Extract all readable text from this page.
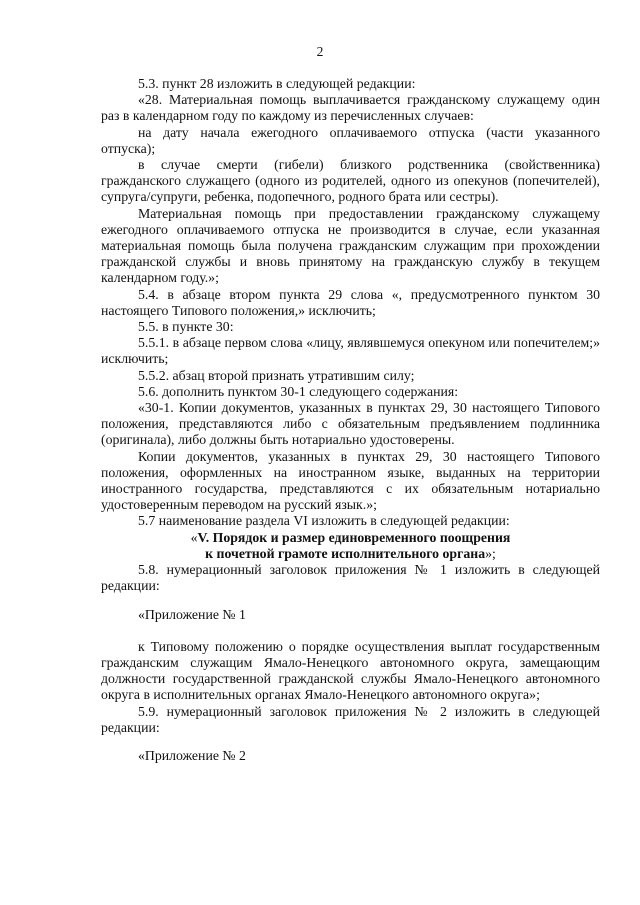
2

5.3. пункт 28 изложить в следующей редакции:

«28. Материальная помощь выплачивается гражданскому служащему один раз в календарном году по каждому из перечисленных случаев:

на дату начала ежегодного оплачиваемого отпуска (части указанного отпуска);

в случае смерти (гибели) близкого родственника (свойственника) гражданского служащего (одного из родителей, одного из опекунов (попечителей), супруга/супруги, ребенка, подопечного, родного брата или сестры).

Материальная помощь при предоставлении гражданскому служащему ежегодного оплачиваемого отпуска не производится в случае, если указанная материальная помощь была получена гражданским служащим при прохождении гражданской службы и вновь принятому на гражданскую службу в текущем календарном году.»;

5.4. в абзаце втором пункта 29 слова «, предусмотренного пунктом 30 настоящего Типового положения,» исключить;

5.5. в пункте 30:

5.5.1. в абзаце первом слова «лицу, являвшемуся опекуном или попечителем;» исключить;

5.5.2. абзац второй признать утратившим силу;

5.6. дополнить пунктом 30-1 следующего содержания:

«30-1. Копии документов, указанных в пунктах 29, 30 настоящего Типового положения, представляются либо с обязательным предъявлением подлинника (оригинала), либо должны быть нотариально удостоверены.

Копии документов, указанных в пунктах 29, 30 настоящего Типового положения, оформленных на иностранном языке, выданных на территории иностранного государства, представляются с их обязательным нотариально удостоверенным переводом на русский язык.»;

5.7 наименование раздела VI изложить в следующей редакции:

«V. Порядок и размер единовременного поощрения

к почетной грамоте исполнительного органа»;

5.8. нумерационный заголовок приложения № 1 изложить в следующей редакции:

«Приложение № 1

к Типовому положению о порядке осуществления выплат государственным гражданским служащим Ямало-Ненецкого автономного округа, замещающим должности государственной гражданской службы Ямало-Ненецкого автономного округа в исполнительных органах Ямало-Ненецкого автономного округа»;

5.9. нумерационный заголовок приложения № 2 изложить в следующей редакции:

«Приложение № 2
